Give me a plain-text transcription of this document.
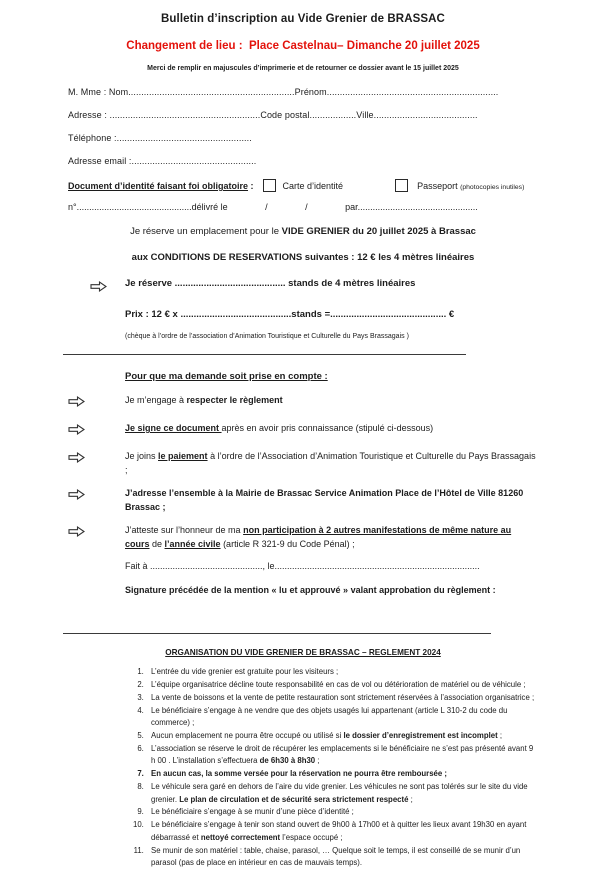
Bulletin d’inscription au Vide Grenier de BRASSAC
Changement de lieu :  Place Castelnau– Dimanche 20 juillet 2025
Merci de remplir en majuscules d’imprimerie et de retourner ce dossier avant le 15 juillet 2025
M. Mme : Nom................................................................Prénom..................................................................
Adresse : ..........................................................Code postal..................Ville........................................
Téléphone :....................................................
Adresse email :................................................
Document d’identité faisant foi obligatoire :	Carte d’identité	Passeport (photocopies inutiles)
n°..............................................délivré le               /               /               par................................................
Je réserve un emplacement pour le VIDE GRENIER du 20 juillet 2025 à Brassac
aux CONDITIONS DE RESERVATIONS suivantes : 12 € les 4 mètres linéaires
Je réserve .......................................... stands de 4 mètres linéaires
Prix : 12 € x ..........................................stands =............................................ €
(chèque à l’ordre de l’association d’Animation Touristique et Culturelle du Pays Brassagais )
Pour que ma demande soit prise en compte :
Je m’engage à respecter le règlement
Je signe ce document après en avoir pris connaissance (stipulé ci-dessous)
Je joins le paiement à l’ordre de l’Association d’Animation Touristique et Culturelle du Pays Brassagais ;
J’adresse l’ensemble à la Mairie de Brassac Service Animation Place de l’Hôtel de Ville 81260 Brassac ;
J’atteste sur l’honneur de ma non participation à 2 autres manifestations de même nature au cours de l’année civile (article R 321-9 du Code Pénal) ;
Fait à ............................................., le..................................................................................
Signature précédée de la mention « lu et approuvé » valant approbation du règlement :
ORGANISATION DU VIDE GRENIER DE BRASSAC – REGLEMENT 2024
1. L’entrée du vide grenier est gratuite pour les visiteurs ;
2. L’équipe organisatrice décline toute responsabilité en cas de vol ou détérioration de matériel ou de véhicule ;
3. La vente de boissons et la vente de petite restauration sont strictement réservées à l’association organisatrice ;
4. Le bénéficiaire s’engage à ne vendre que des objets usagés lui appartenant (article L 310-2 du code du commerce) ;
5. Aucun emplacement ne pourra être occupé ou utilisé si le dossier d’enregistrement est incomplet ;
6. L’association se réserve le droit de récupérer les emplacements si le bénéficiaire ne s’est pas présenté avant 9 h 00 . L’installation s’effectuera de 6h30 à 8h30 ;
7. En aucun cas, la somme versée pour la réservation ne pourra être remboursée ;
8. Le véhicule sera garé en dehors de l’aire du vide grenier. Les véhicules ne sont pas tolérés sur le site du vide grenier. Le plan de circulation et de sécurité sera strictement respecté ;
9. Le bénéficiaire s’engage à se munir d’une pièce d’identité ;
10. Le bénéficiaire s’engage à tenir son stand ouvert de 9h00 à 17h00 et à quitter les lieux avant 19h30 en ayant débarrassé et nettoyé correctement l’espace occupé ;
11. Se munir de son matériel : table, chaise, parasol, … Quelque soit le temps, il est conseillé de se munir d’un parasol (pas de place en intérieur en cas de mauvais temps).
